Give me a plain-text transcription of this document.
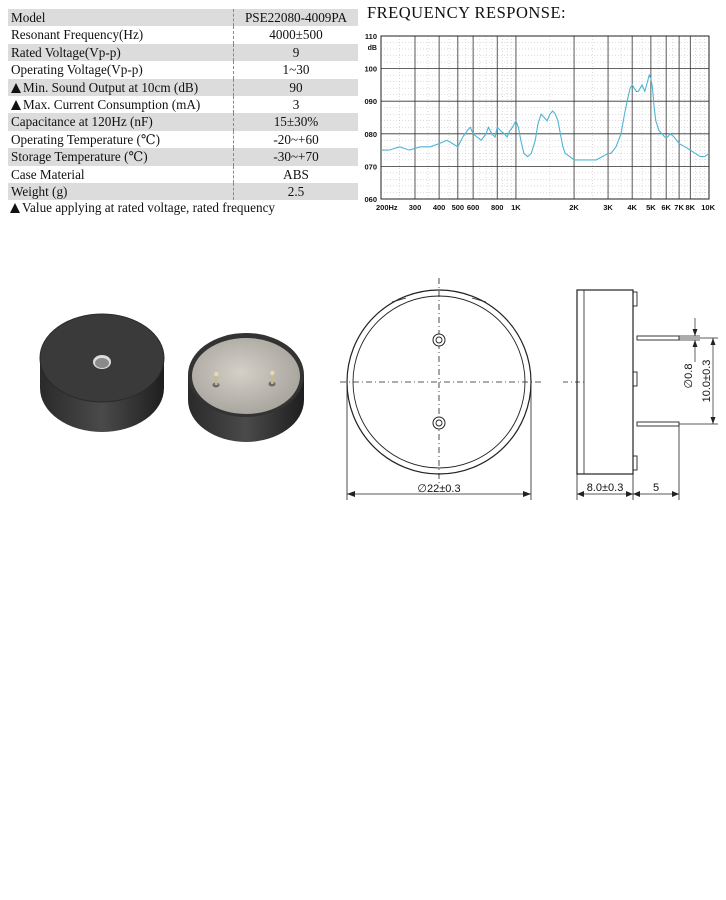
Model	PSE22080-4009PA
Resonant Frequency(Hz)	4000±500
Rated Voltage(Vp-p)	9
Operating Voltage(Vp-p)	1~30
Min. Sound Output at 10cm (dB)	90
Max. Current Consumption (mA)	3
Capacitance at 120Hz (nF)	15±30%
Operating Temperature (℃)	-20~+60
Storage Temperature (℃)	-30~+70
Case Material	ABS
Weight (g)	2.5
Value applying at rated voltage, rated frequency
FREQUENCY RESPONSE:
060
070
080
090
100
110
dB
200Hz 300 400 500 600 800 1K	2K	3K 4K 5K 6K 7K 8K 10K
∅22±0.3
∅0.8 10.0±0.3
8.0±0.3	5
